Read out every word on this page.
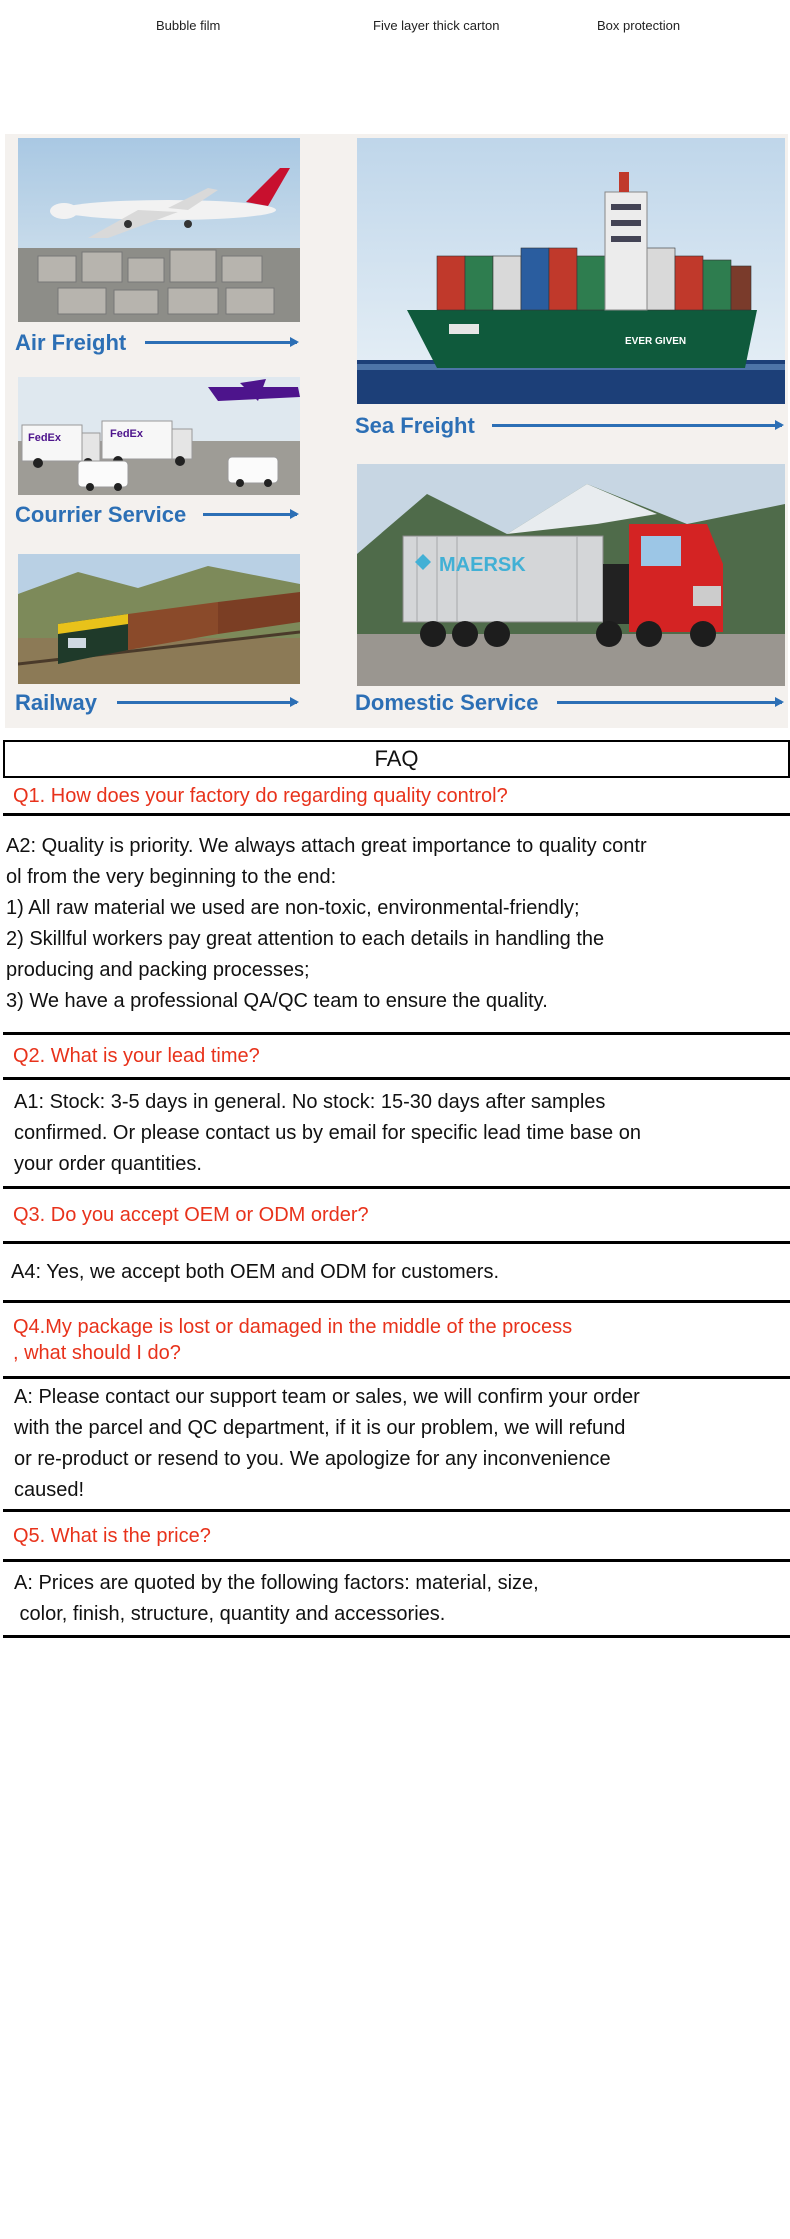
Bubble film	Five layer thick carton	Box protection
Air Freight
FedEx	FedEx
Courrier Service
Railway
EVER GIVEN
Sea Freight
MAERSK
Domestic Service
FAQ
Q1. How does your factory do regarding quality control?
A2: Quality is priority. We always attach great importance to quality contr
ol from the very beginning to the end:
1) All raw material we used are non-toxic, environmental-friendly;
2) Skillful workers pay great attention to each details in handling the
producing and packing processes;
3) We have a professional QA/QC team to ensure the quality.
Q2. What is your lead time?
A1: Stock: 3-5 days in general. No stock: 15-30 days after samples
confirmed. Or please contact us by email for specific lead time base on
your order quantities.
Q3. Do you accept OEM or ODM order?
A4: Yes, we accept both OEM and ODM for customers.
Q4.My package is lost or damaged in the middle of the process
, what should I do?
A: Please contact our support team or sales, we will confirm your order
with the parcel and QC department, if it is our problem, we will refund
or re-product or resend to you. We apologize for any inconvenience
caused!
Q5. What is the price?
A: Prices are quoted by the following factors: material, size,
color, finish, structure, quantity and accessories.
